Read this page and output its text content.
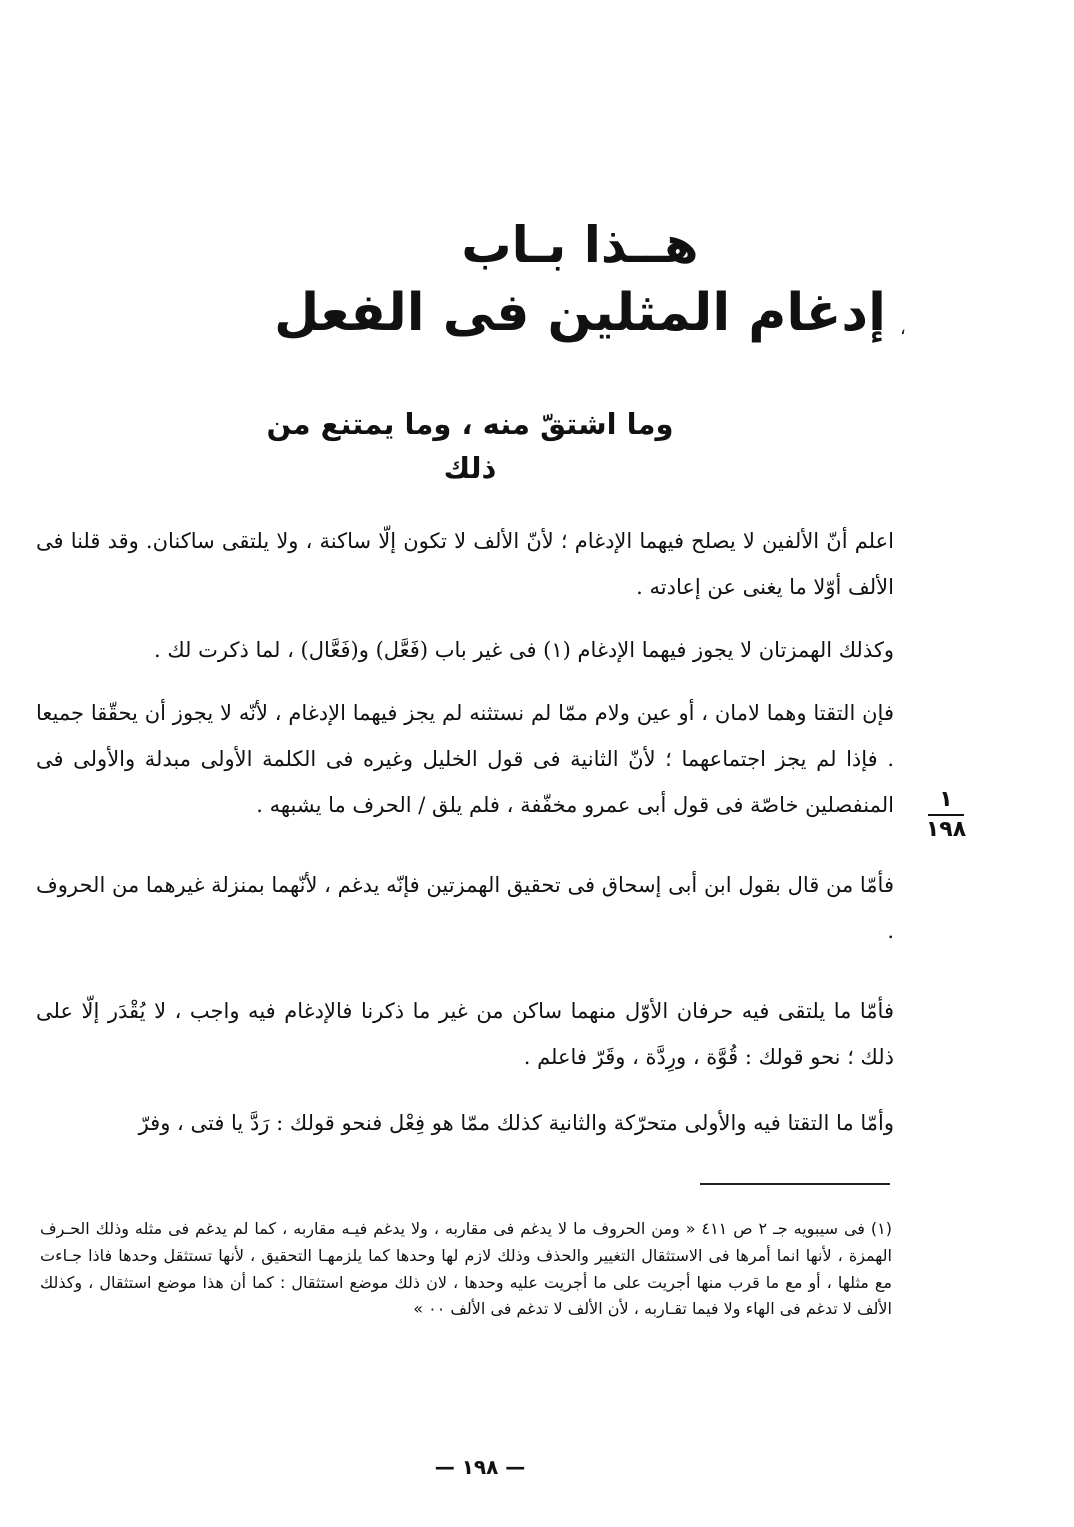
هــذا بـاب
إدغام المثلين فى الفعل ،
وما اشتقّ منه ، وما يمتنع من ذلك

اعلم أنّ الألفين لا يصلح فيهما الإدغام ؛ لأنّ الألف لا تكون إلّا ساكنة ، ولا يلتقى ساكنان. وقد قلنا فى الألف أوّلا ما يغنى عن إعادته .

وكذلك الهمزتان لا يجوز فيهما الإدغام (١) فى غير باب (فَعَّل) و(فَعَّال) ، لما ذكرت لك .

فإن التقتا وهما لامان ، أو عين ولام ممّا لم نستثنه لم يجز فيهما الإدغام ، لأنّه لا يجوز أن يحقّقا جميعا . فإذا لم يجز اجتماعهما ؛ لأنّ الثانية فى قول الخليل وغيره فى الكلمة الأولى مبدلة والأولى فى المنفصلين خاصّة فى قول أبى عمرو مخفّفة ، فلم يلق / الحرف ما يشبهه .

فأمّا من قال بقول ابن أبى إسحاق فى تحقيق الهمزتين فإنّه يدغم ، لأنّهما بمنزلة غيرهما من الحروف .

فأمّا ما يلتقى فيه حرفان الأوّل منهما ساكن من غير ما ذكرنا فالإدغام فيه واجب ، لا يُقْدَر إلّا على ذلك ؛ نحو قولك : قُوَّة ، ورِدَّة ، وقَرّ فاعلم .

وأمّا ما التقتا فيه والأولى متحرّكة والثانية كذلك ممّا هو فِعْل فنحو قولك : رَدَّ يا فتى ، وفرّ

١
١٩٨

(١) فى سيبويه جـ ٢ ص ٤١١ « ومن الحروف ما لا يدغم فى مقاربه ، ولا يدغم فيـه مقاربه ، كما لم يدغم فى مثله وذلك الحـرف الهمزة ، لأنها انما أمرها فى الاستثقال التغيير والحذف وذلك لازم لها وحدها كما يلزمهـا التحقيق ، لأنها تستثقل وحدها فاذا جـاءت مع مثلها ، أو مع ما قرب منها أجريت على ما أجريت عليه وحدها ، لان ذلك موضع استثقال : كما أن هذا موضع استثقال ، وكذلك الألف لا تدغم فى الهاء ولا فيما تقـاربه ، لأن الألف لا تدغم فى الألف ٠٠ »

— ١٩٨ —
